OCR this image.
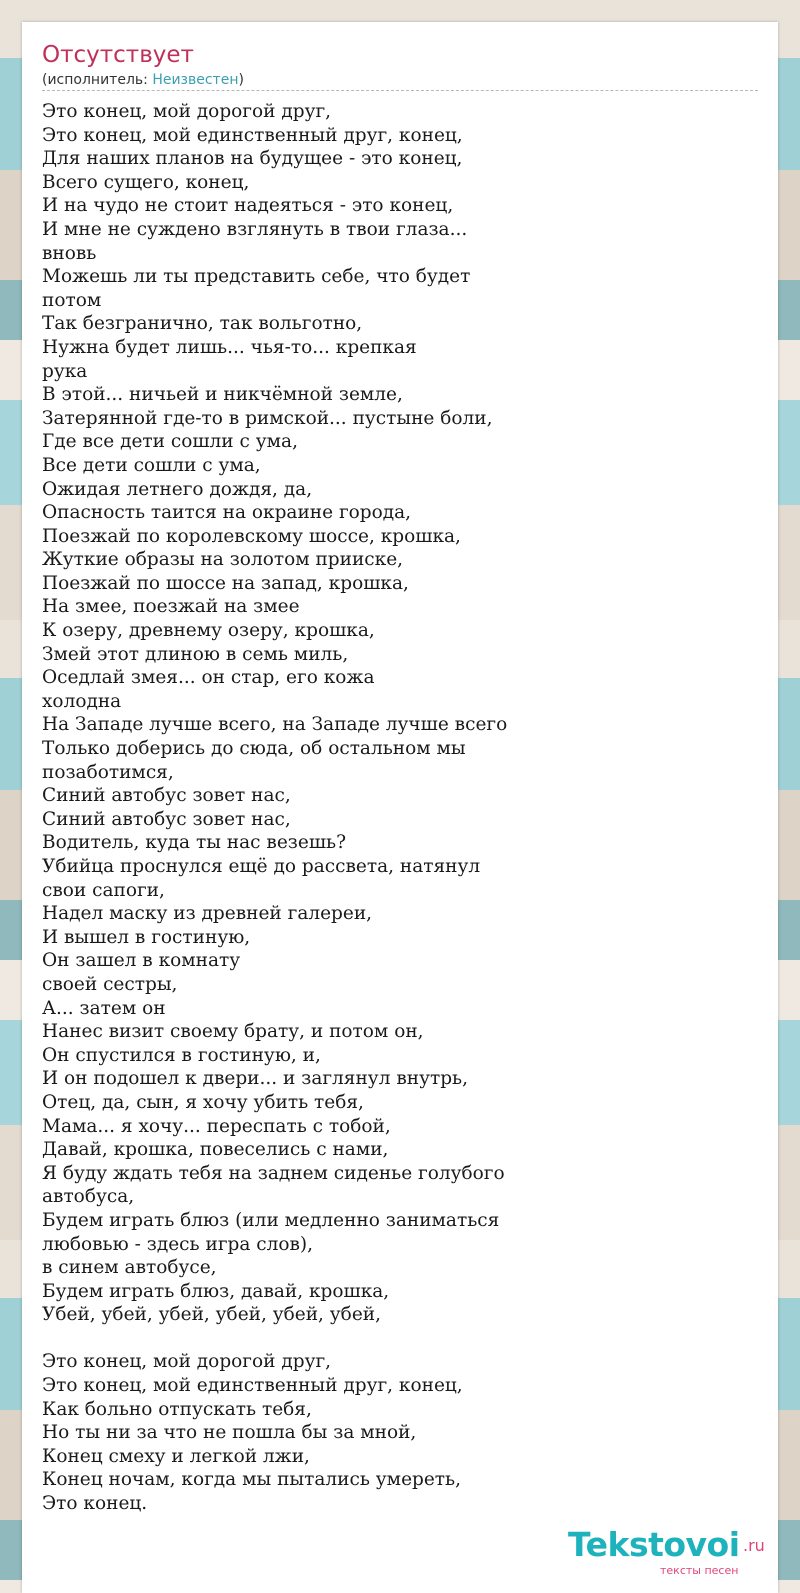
Отсутствует
(исполнитель: Неизвестен)
Это конец, мой дорогой друг,
Это конец, мой единственный друг, конец,
Для наших планов на будущее - это конец,
Всего сущего, конец,
И на чудо не стоит надеяться - это конец,
И мне не суждено взглянуть в твои глаза...
вновь
Можешь ли ты представить себе, что будет
потом
Так безгранично, так вольготно,
Нужна будет лишь... чья-то... крепкая
рука
В этой... ничьей и никчёмной земле,
Затерянной где-то в римской... пустыне боли,
Где все дети сошли с ума,
Все дети сошли с ума,
Ожидая летнего дождя, да,
Опасность таится на окраине города,
Поезжай по королевскому шоссе, крошка,
Жуткие образы на золотом прииске,
Поезжай по шоссе на запад, крошка,
На змее, поезжай на змее
К озеру, древнему озеру, крошка,
Змей этот длиною в семь миль,
Оседлай змея... он стар, его кожа
холодна
На Западе лучше всего, на Западе лучше всего
Только доберись до сюда, об остальном мы
позаботимся,
Синий автобус зовет нас,
Синий автобус зовет нас,
Водитель, куда ты нас везешь?
Убийца проснулся ещё до рассвета, натянул
свои сапоги,
Надел маску из древней галереи,
И вышел в гостиную,
Он зашел в комнату
своей сестры,
А... затем он
Нанес визит своему брату, и потом он,
Он спустился в гостиную, и,
И он подошел к двери... и заглянул внутрь,
Отец, да, сын, я хочу убить тебя,
Мама... я хочу... переспать с тобой,
Давай, крошка, повеселись с нами,
Я буду ждать тебя на заднем сиденье голубого
автобуса,
Будем играть блюз (или медленно заниматься
любовью - здесь игра слов),
в синем автобусе,
Будем играть блюз, давай, крошка,
Убей, убей, убей, убей, убей, убей,
Это конец, мой дорогой друг,
Это конец, мой единственный друг, конец,
Как больно отпускать тебя,
Но ты ни за что не пошла бы за мной,
Конец смеху и легкой лжи,
Конец ночам, когда мы пытались умереть,
Это конец.
Tekstovoi .ru
тексты песен
